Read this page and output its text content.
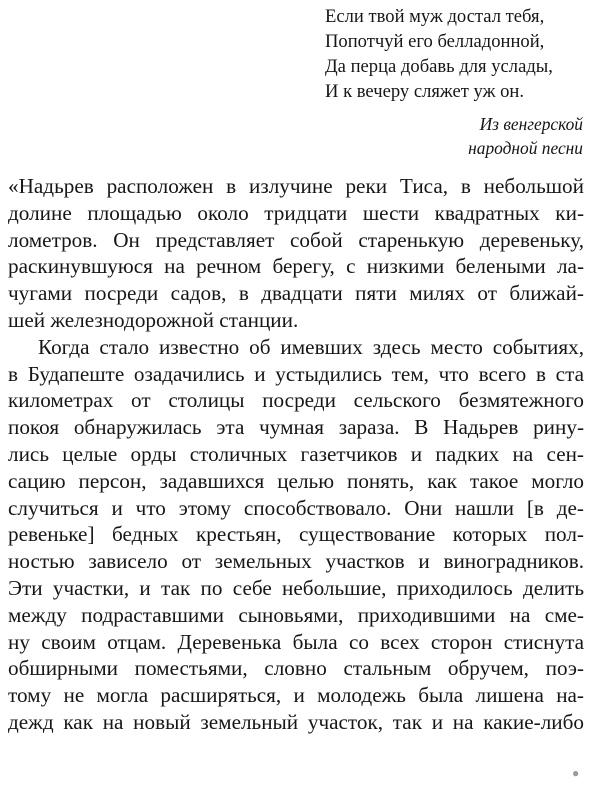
Если твой муж достал тебя,
Попотчуй его белладонной,
Да перца добавь для услады,
И к вечеру сляжет уж он.
Из венгерской
народной песни
«Надьрев расположен в излучине реки Тиса, в небольшой
долине площадью около тридцати шести квадратных ки-
лометров. Он представляет собой старенькую деревеньку,
раскинувшуюся на речном берегу, с низкими белеными ла-
чугами посреди садов, в двадцати пяти милях от ближай-
шей железнодорожной станции.
Когда стало известно об имевших здесь место событиях,
в Будапеште озадачились и устыдились тем, что всего в ста
километрах от столицы посреди сельского безмятежного
покоя обнаружилась эта чумная зараза. В Надьрев рину-
лись целые орды столичных газетчиков и падких на сен-
сацию персон, задавшихся целью понять, как такое могло
случиться и что этому способствовало. Они нашли [в де-
ревеньке] бедных крестьян, существование которых пол-
ностью зависело от земельных участков и виноградников.
Эти участки, и так по себе небольшие, приходилось делить
между подраставшими сыновьями, приходившими на сме-
ну своим отцам. Деревенька была со всех сторон стиснута
обширными поместьями, словно стальным обручем, поэ-
тому не могла расширяться, и молодежь была лишена на-
дежд как на новый земельный участок, так и на какие-либо
●
